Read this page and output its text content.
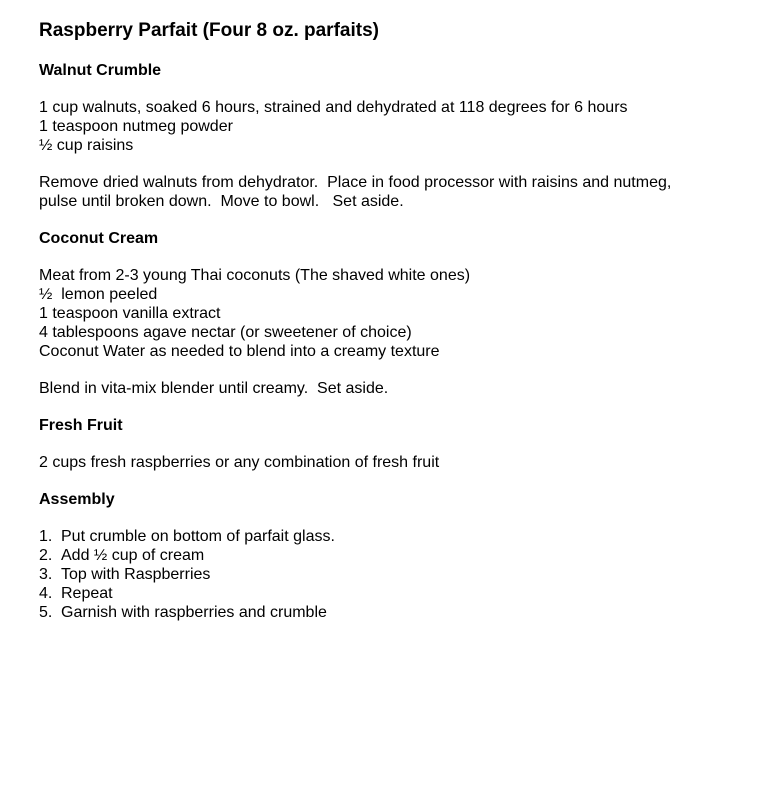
Raspberry Parfait (Four 8 oz. parfaits)

Walnut Crumble

1 cup walnuts, soaked 6 hours, strained and dehydrated at 118 degrees for 6 hours

1 teaspoon nutmeg powder

½ cup raisins

Remove dried walnuts from dehydrator.  Place in food processor with raisins and nutmeg,

pulse until broken down.  Move to bowl.   Set aside.

Coconut Cream

Meat from 2-3 young Thai coconuts (The shaved white ones)

½  lemon peeled

1 teaspoon vanilla extract

4 tablespoons agave nectar (or sweetener of choice)

Coconut Water as needed to blend into a creamy texture

Blend in vita-mix blender until creamy.  Set aside.

Fresh Fruit

2 cups fresh raspberries or any combination of fresh fruit

Assembly

1. Put crumble on bottom of parfait glass.
2. Add ½ cup of cream
3. Top with Raspberries
4. Repeat
5. Garnish with raspberries and crumble
